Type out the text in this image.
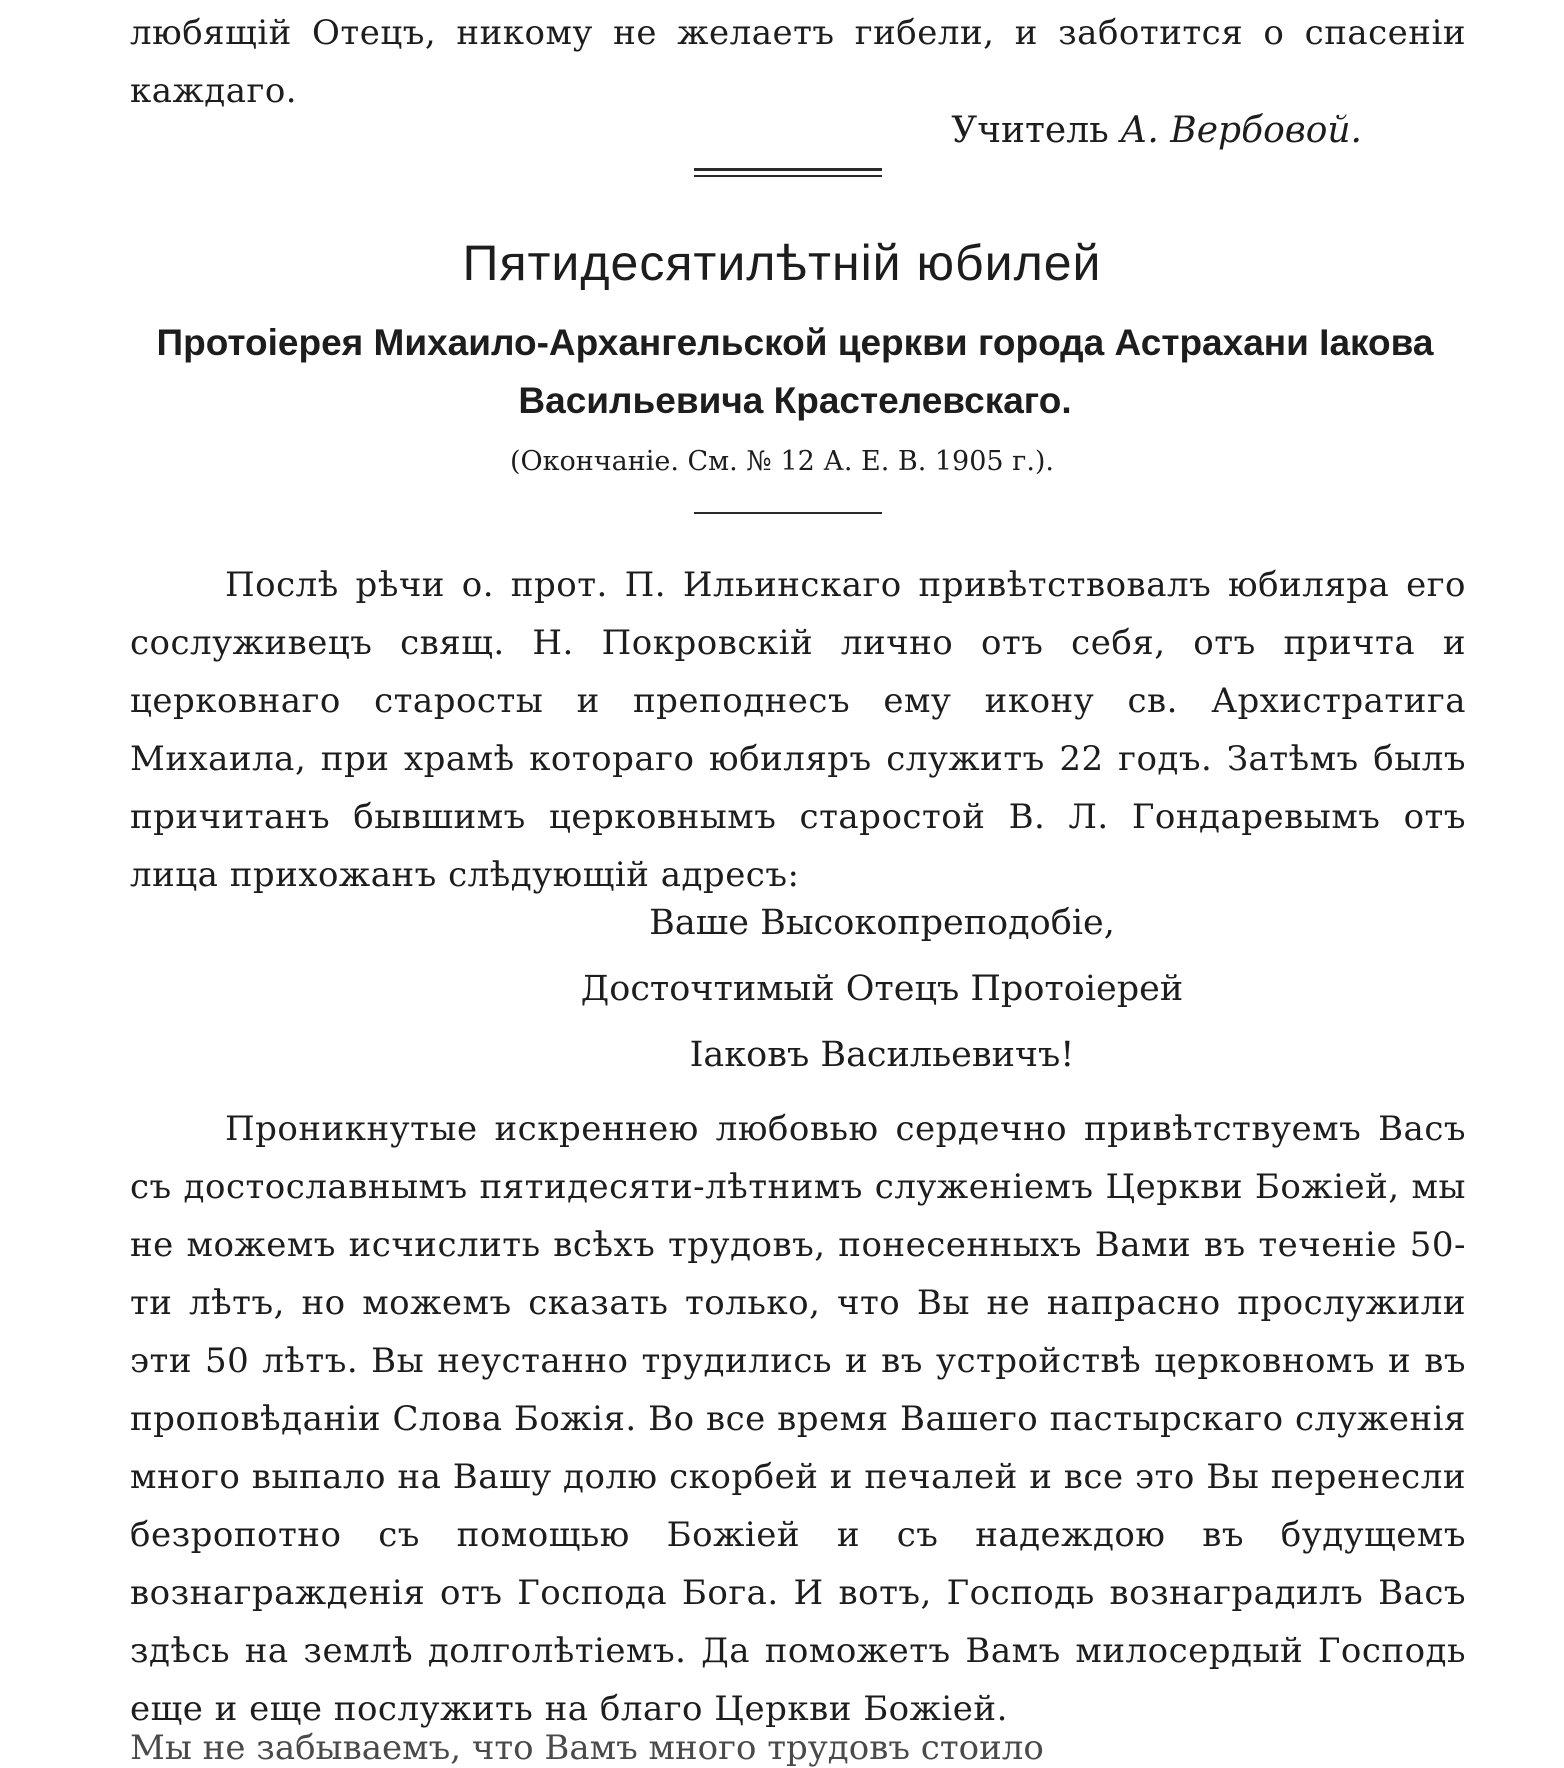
любящій Отецъ, никому не желаетъ гибели, и заботится о спасеніи каждаго.
Учитель А. Вербовой.
Пятидесятилѣтній юбилей
Протоіерея Михаило-Архангельской церкви города Астрахани Іакова Васильевича Крастелевскаго.
(Окончаніе. См. № 12 А. Е. В. 1905 г.).
Послѣ рѣчи о. прот. П. Ильинскаго привѣтствовалъ юбиляра его сослуживецъ свящ. Н. Покровскій лично отъ себя, отъ причта и церковнаго старосты и преподнесъ ему икону св. Архистратига Михаила, при храмѣ котораго юбиляръ служитъ 22 годъ. Затѣмъ былъ причитанъ бывшимъ церковнымъ старостой В. Л. Гондаревымъ отъ лица прихожанъ слѣдующій адресъ:
Ваше Высокопреподобіе,
Досточтимый Отецъ Протоіерей
Іаковъ Васильевичъ!
Проникнутые искреннею любовью сердечно привѣтствуемъ Васъ съ достославнымъ пятидесяти-лѣтнимъ служеніемъ Церкви Божіей, мы не можемъ исчислить всѣхъ трудовъ, понесенныхъ Вами въ теченіе 50-ти лѣтъ, но можемъ сказать только, что Вы не напрасно прослужили эти 50 лѣтъ. Вы неустанно трудились и въ устройствѣ церковномъ и въ проповѣданіи Слова Божія. Во все время Вашего пастырскаго служенія много выпало на Вашу долю скорбей и печалей и все это Вы перенесли безропотно съ помощью Божіей и съ надеждою въ будущемъ вознагражденія отъ Господа Бога. И вотъ, Господь вознаградилъ Васъ здѣсь на землѣ долголѣтіемъ. Да поможетъ Вамъ милосердый Господь еще и еще послужить на благо Церкви Божіей.
Мы не забываемъ, что Вамъ много трудовъ стоило
